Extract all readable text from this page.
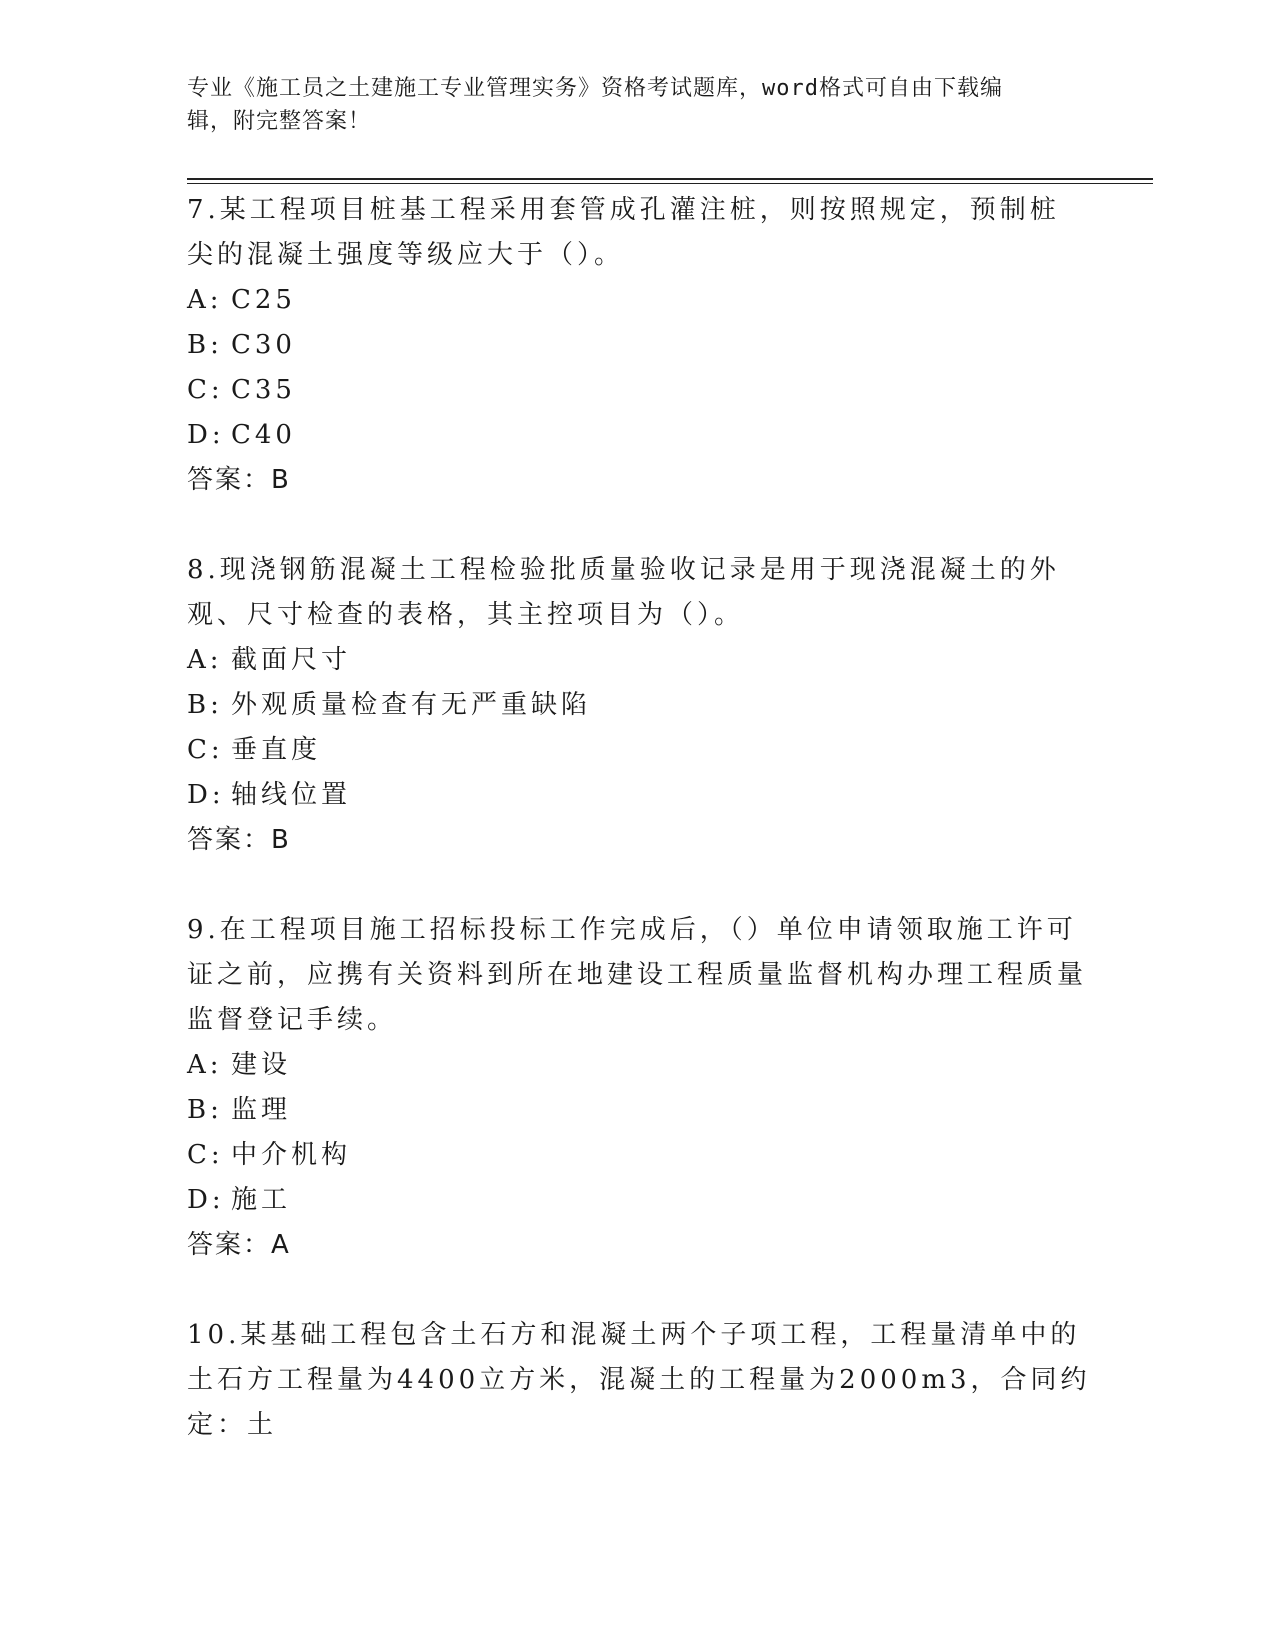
专业《施工员之土建施工专业管理实务》资格考试题库，word格式可自由下载编
辑，附完整答案！

7.某工程项目桩基工程采用套管成孔灌注桩，则按照规定，预制桩尖的混凝土强度等级应大于（）。

A: C25

B: C30

C: C35

D: C40

答案：B

8.现浇钢筋混凝土工程检验批质量验收记录是用于现浇混凝土的外观、尺寸检查的表格，其主控项目为（）。

A: 截面尺寸

B: 外观质量检查有无严重缺陷

C: 垂直度

D: 轴线位置

答案：B

9.在工程项目施工招标投标工作完成后，（）单位申请领取施工许可证之前，应携有关资料到所在地建设工程质量监督机构办理工程质量监督登记手续。

A: 建设

B: 监理

C: 中介机构

D: 施工

答案：A

10.某基础工程包含土石方和混凝土两个子项工程，工程量清单中的土石方工程量为4400立方米，混凝土的工程量为2000m3，合同约定：土
